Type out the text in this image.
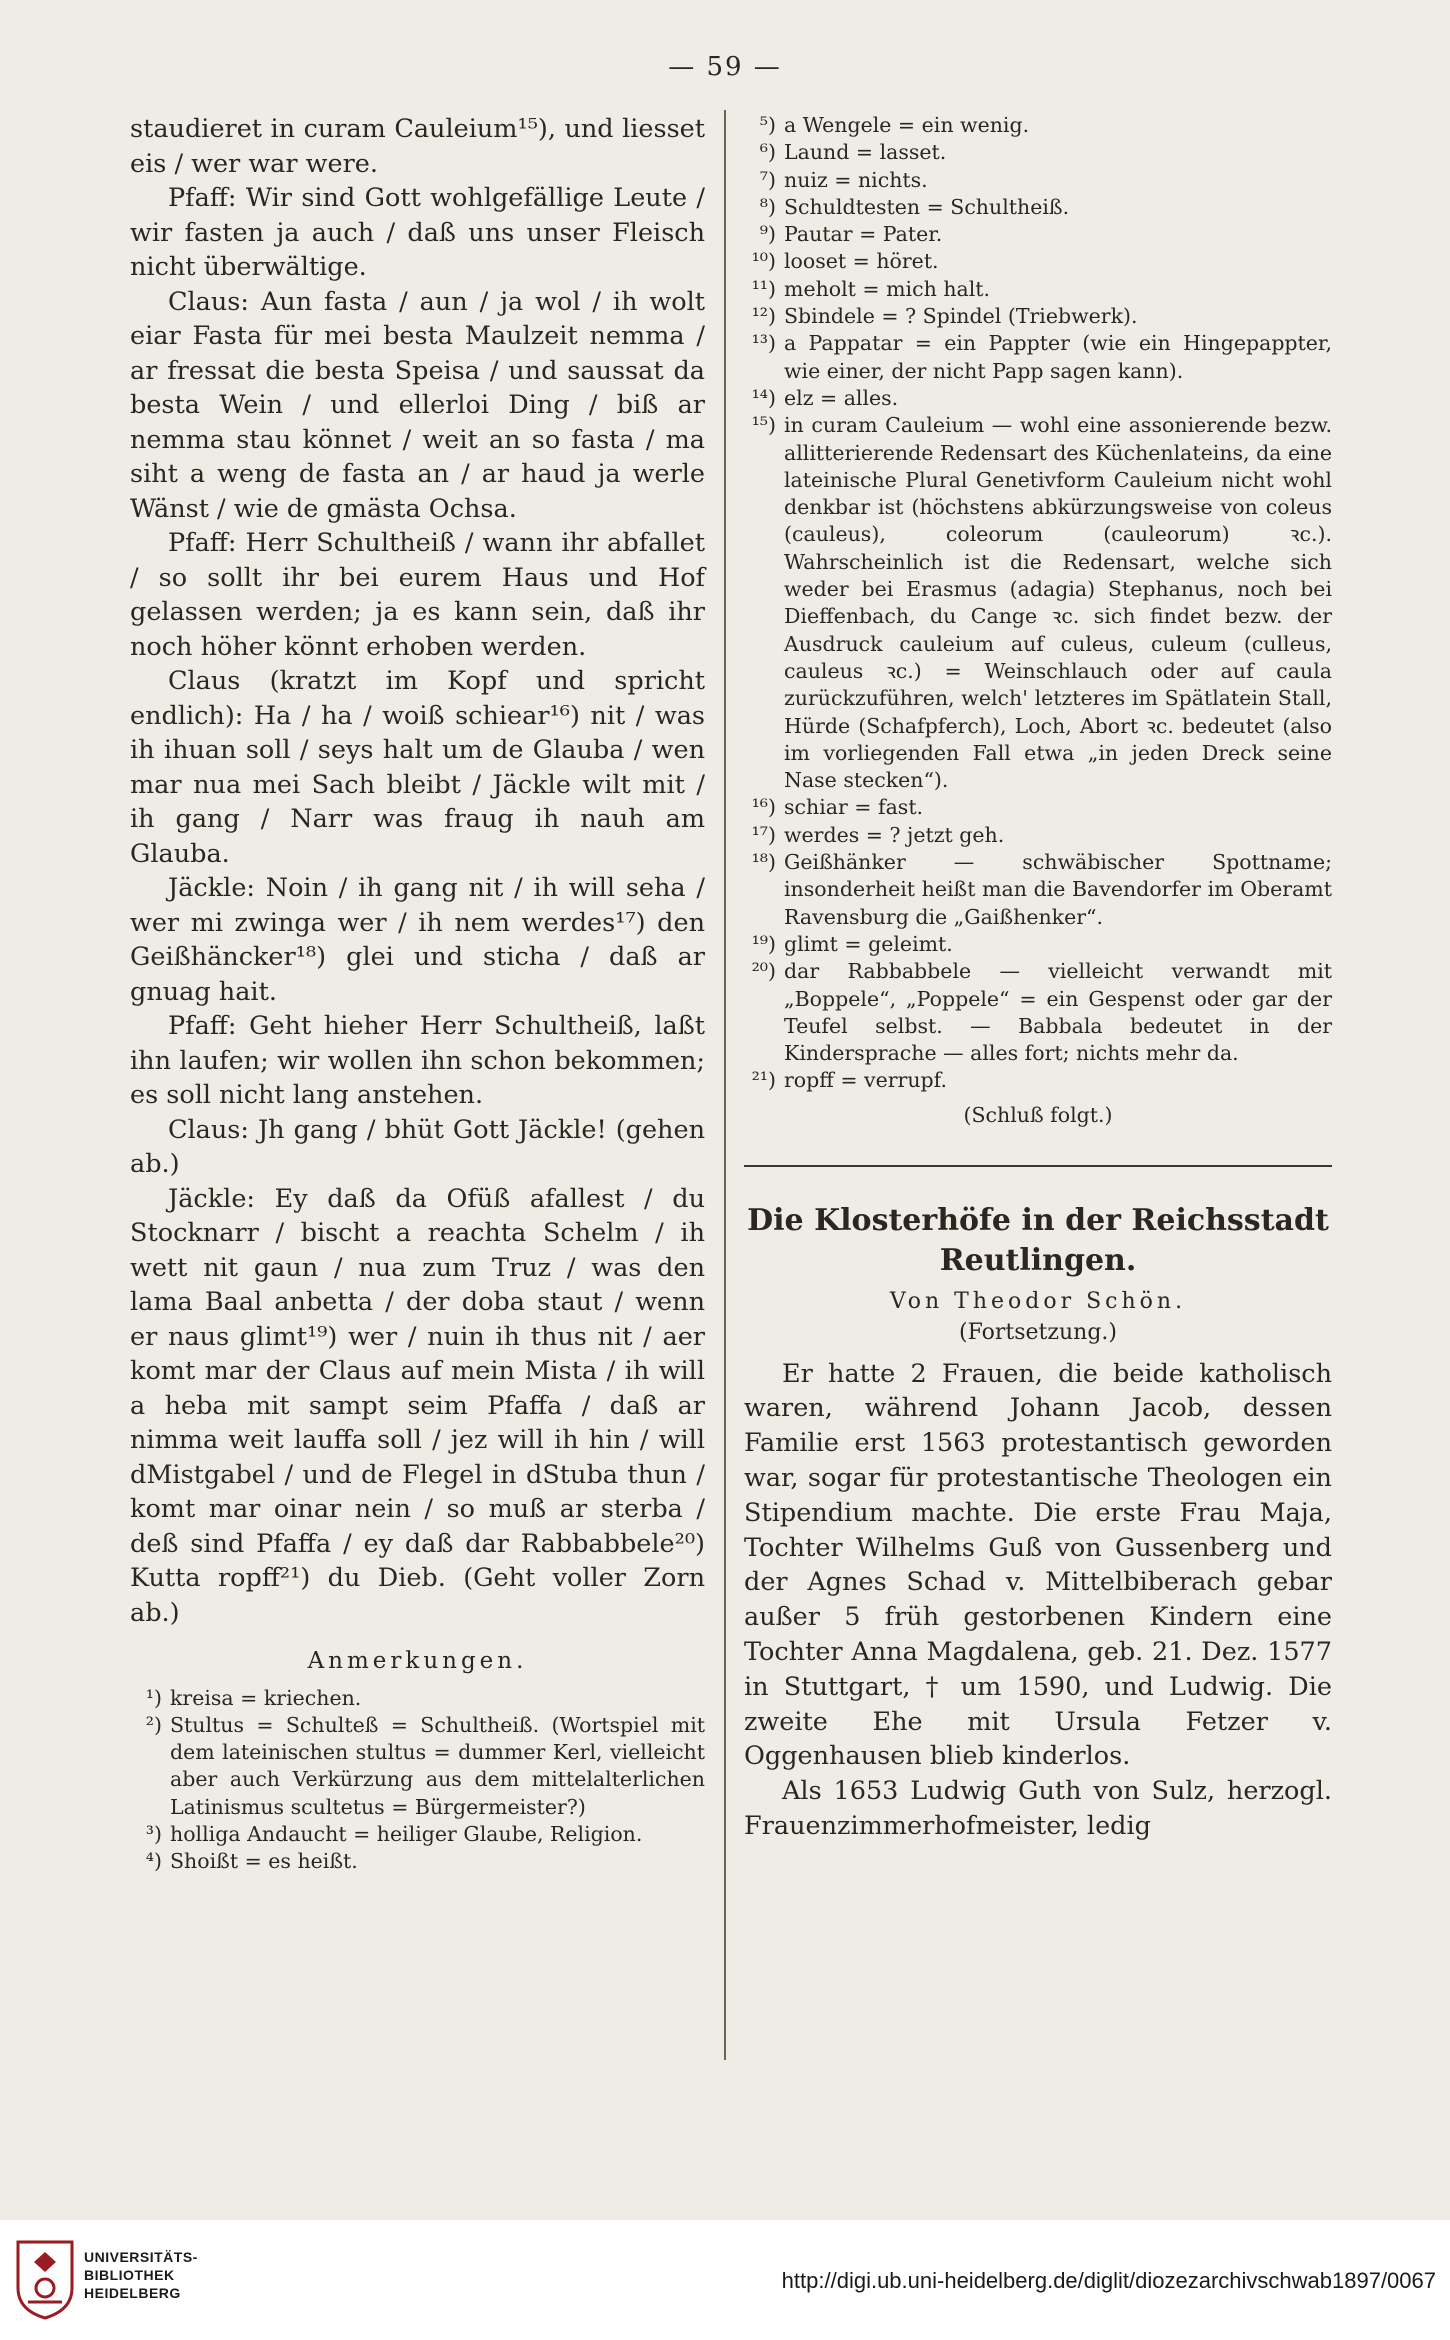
— 59 —

staudieret in curam Cauleium¹⁵), und liesset eis / wer war were.

Pfaff: Wir sind Gott wohlgefällige Leute / wir fasten ja auch / daß uns unser Fleisch nicht überwältige.

Claus: Aun fasta / aun / ja wol / ih wolt eiar Fasta für mei besta Maulzeit nemma / ar fressat die besta Speisa / und saussat da besta Wein / und ellerloi Ding / biß ar nemma stau könnet / weit an so fasta / ma siht a weng de fasta an / ar haud ja werle Wänst / wie de gmästa Ochsa.

Pfaff: Herr Schultheiß / wann ihr abfallet / so sollt ihr bei eurem Haus und Hof gelassen werden; ja es kann sein, daß ihr noch höher könnt erhoben werden.

Claus (kratzt im Kopf und spricht endlich): Ha / ha / woiß schiear¹⁶) nit / was ih ihuan soll / seys halt um de Glauba / wen mar nua mei Sach bleibt / Jäckle wilt mit / ih gang / Narr was fraug ih nauh am Glauba.

Jäckle: Noin / ih gang nit / ih will seha / wer mi zwinga wer / ih nem werdes¹⁷) den Geißhäncker¹⁸) glei und sticha / daß ar gnuag hait.

Pfaff: Geht hieher Herr Schultheiß, laßt ihn laufen; wir wollen ihn schon bekommen; es soll nicht lang anstehen.

Claus: Jh gang / bhüt Gott Jäckle! (gehen ab.)

Jäckle: Ey daß da Ofüß afallest / du Stocknarr / bischt a reachta Schelm / ih wett nit gaun / nua zum Truz / was den lama Baal anbetta / der doba staut / wenn er naus glimt¹⁹) wer / nuin ih thus nit / aer komt mar der Claus auf mein Mista / ih will a heba mit sampt seim Pfaffa / daß ar nimma weit lauffa soll / jez will ih hin / will dMistgabel / und de Flegel in dStuba thun / komt mar oinar nein / so muß ar sterba / deß sind Pfaffa / ey daß dar Rabbabbele²⁰) Kutta ropff²¹) du Dieb. (Geht voller Zorn ab.)

Anmerkungen.
¹) kreisa = kriechen.
²) Stultus = Schulteß = Schultheiß. (Wortspiel mit dem lateinischen stultus = dummer Kerl, vielleicht aber auch Verkürzung aus dem mittelalterlichen Latinismus scultetus = Bürgermeister?)
³) holliga Andaucht = heiliger Glaube, Religion.
⁴) Shoißt = es heißt.
⁵) a Wengele = ein wenig.
⁶) Laund = lasset.
⁷) nuiz = nichts.
⁸) Schuldtesten = Schultheiß.
⁹) Pautar = Pater.
¹⁰) looset = höret.
¹¹) meholt = mich halt.
¹²) Sbindele = ? Spindel (Triebwerk).
¹³) a Pappatar = ein Pappter (wie ein Hingepappter, wie einer, der nicht Papp sagen kann).
¹⁴) elz = alles.
¹⁵) in curam Cauleium — wohl eine assonierende bezw. allitterierende Redensart des Küchenlateins, da eine lateinische Plural Genetivform Cauleium nicht wohl denkbar ist (höchstens abkürzungsweise von coleus (cauleus), coleorum (cauleorum) ꝛc.). Wahrscheinlich ist die Redensart, welche sich weder bei Erasmus (adagia) Stephanus, noch bei Dieffenbach, du Cange ꝛc. sich findet bezw. der Ausdruck cauleium auf culeus, culeum (culleus, cauleus ꝛc.) = Weinschlauch oder auf caula zurückzuführen, welch' letzteres im Spätlatein Stall, Hürde (Schafpferch), Loch, Abort ꝛc. bedeutet (also im vorliegenden Fall etwa „in jeden Dreck seine Nase stecken“).
¹⁶) schiar = fast.
¹⁷) werdes = ? jetzt geh.
¹⁸) Geißhänker — schwäbischer Spottname; insonderheit heißt man die Bavendorfer im Oberamt Ravensburg die „Gaißhenker“.
¹⁹) glimt = geleimt.
²⁰) dar Rabbabbele — vielleicht verwandt mit „Boppele“, „Poppele“ = ein Gespenst oder gar der Teufel selbst. — Babbala bedeutet in der Kindersprache — alles fort; nichts mehr da.
²¹) ropff = verrupf.
(Schluß folgt.)

Die Klosterhöfe in der Reichsstadt
Reutlingen.

Von Theodor Schön.

(Fortsetzung.)

Er hatte 2 Frauen, die beide katholisch waren, während Johann Jacob, dessen Familie erst 1563 protestantisch geworden war, sogar für protestantische Theologen ein Stipendium machte. Die erste Frau Maja, Tochter Wilhelms Guß von Gussenberg und der Agnes Schad v. Mittelbiberach gebar außer 5 früh gestorbenen Kindern eine Tochter Anna Magdalena, geb. 21. Dez. 1577 in Stuttgart, † um 1590, und Ludwig. Die zweite Ehe mit Ursula Fetzer v. Oggenhausen blieb kinderlos.

Als 1653 Ludwig Guth von Sulz, herzogl. Frauenzimmerhofmeister, ledig

UNIVERSITÄTS-
BIBLIOTHEK
HEIDELBERG	http://digi.ub.uni-heidelberg.de/diglit/diozezarchivschwab1897/0067
